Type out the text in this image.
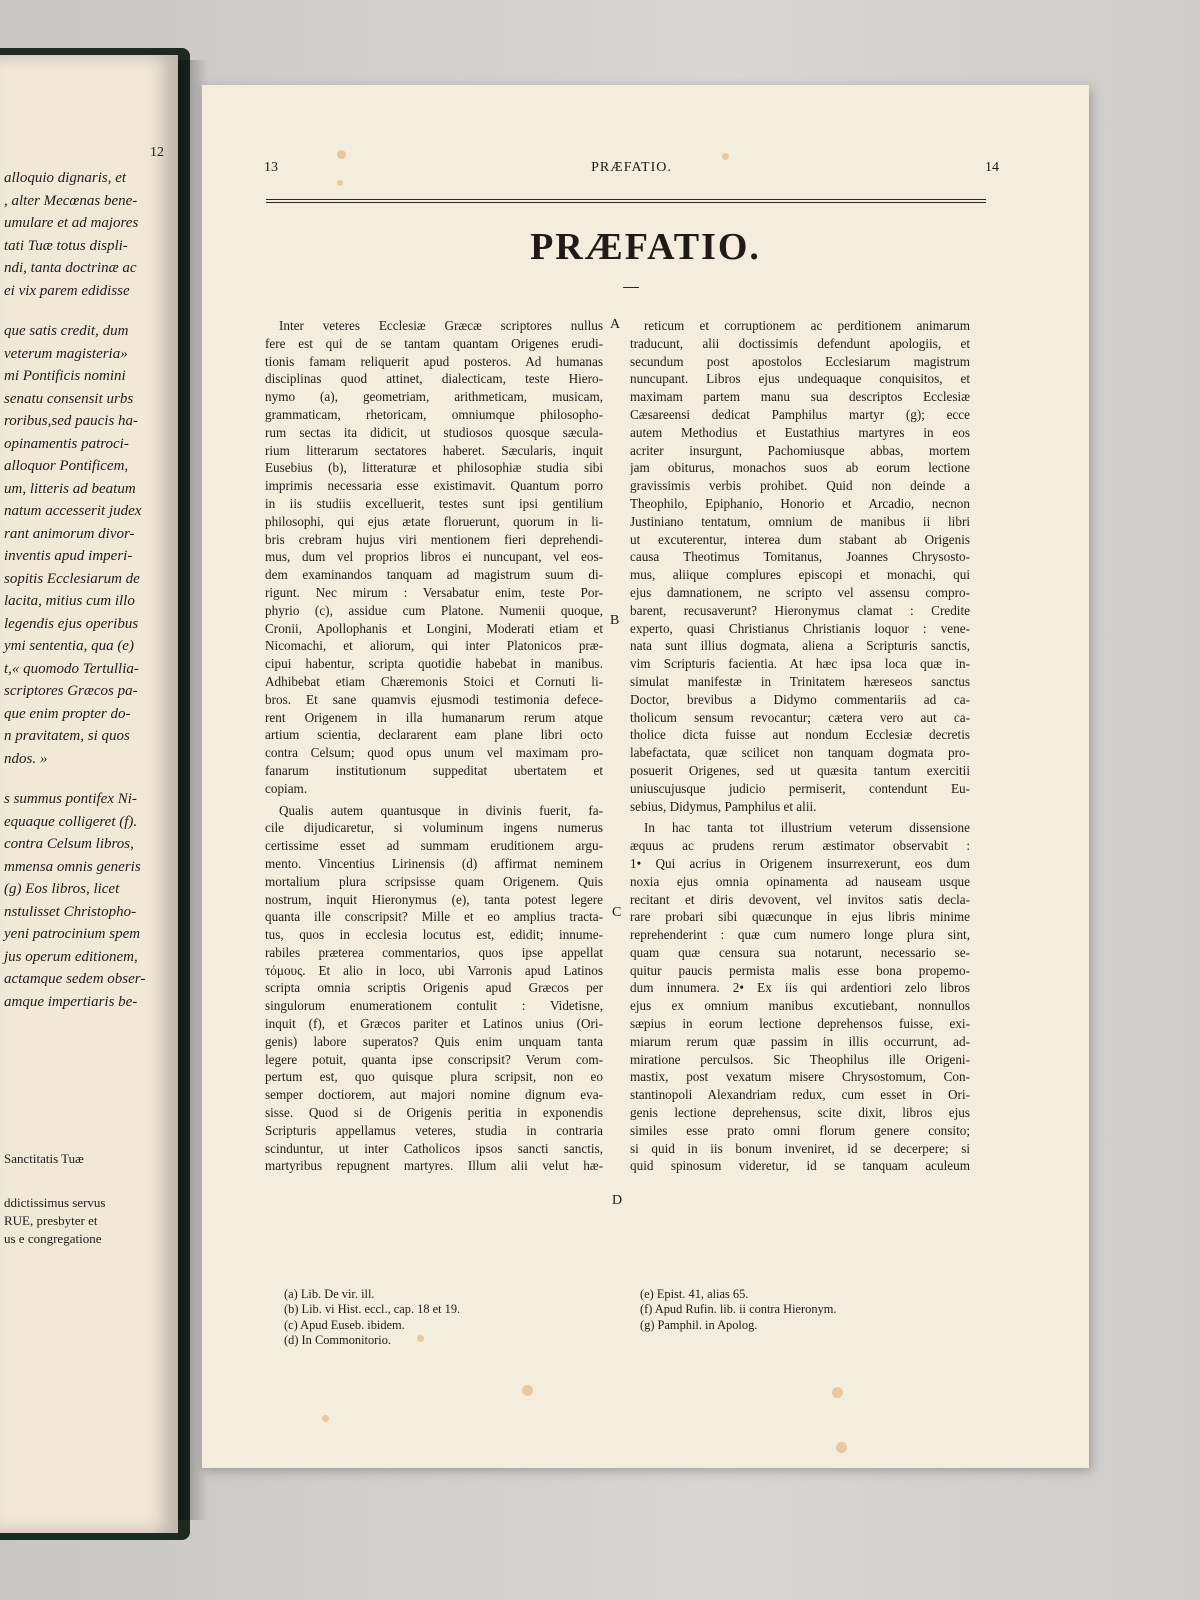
12
alloquio dignaris, et
, alter Mecœnas bene-
umulare et ad majores
tati Tuæ totus displi-
ndi, tanta doctrinæ ac
ei vix parem edidisse
que satis credit, dum
veterum magisteria»
mi Pontificis nomini
senatu consensit urbs
roribus,sed paucis ha-
opinamentis patroci-
alloquor Pontificem,
um, litteris ad beatum
natum accesserit judex
rant animorum divor-
inventis apud imperi-
sopitis Ecclesiarum de
lacita, mitius cum illo
legendis ejus operibus
ymi sententia, qua (e)
t,« quomodo Tertullia-
scriptores Græcos pa-
que enim propter do-
n pravitatem, si quos
ndos. »
s summus pontifex Ni-
equaque colligeret (f).
contra Celsum libros,
mmensa omnis generis
(g) Eos libros, licet
nstulisset Christopho-
yeni patrocinium spem
jus operum editionem,
actamque sedem obser-
amque impertiaris be-
Sanctitatis Tuæ
ddictissimus servus
RUE, presbyter et
us e congregatione
13	PRÆFATIO.	14
PRÆFATIO.

Inter veteres Ecclesiæ Græcæ scriptores nullus

fere est qui de se tantam quantam Origenes erudi-

tionis famam reliquerit apud posteros. Ad humanas

disciplinas quod attinet, dialecticam, teste Hiero-

nymo (a), geometriam, arithmeticam, musicam,

grammaticam, rhetoricam, omniumque philosopho-

rum sectas ita didicit, ut studiosos quosque sæcula-

rium litterarum sectatores haberet. Sæcularis, inquit

Eusebius (b), litteraturæ et philosophiæ studia sibi

imprimis necessaria esse existimavit. Quantum porro

in iis studiis excelluerit, testes sunt ipsi gentilium

philosophi, qui ejus ætate floruerunt, quorum in li-

bris crebram hujus viri mentionem fieri deprehendi-

mus, dum vel proprios libros ei nuncupant, vel eos-

dem examinandos tanquam ad magistrum suum di-

rigunt. Nec mirum : Versabatur enim, teste Por-

phyrio (c), assidue cum Platone. Numenii quoque,

Cronii, Apollophanis et Longini, Moderati etiam et

Nicomachi, et aliorum, qui inter Platonicos præ-

cipui habentur, scripta quotidie habebat in manibus.

Adhibebat etiam Chæremonis Stoici et Cornuti li-

bros. Et sane quamvis ejusmodi testimonia defece-

rent Origenem in illa humanarum rerum atque

artium scientia, declararent eam plane libri octo

contra Celsum; quod opus unum vel maximam pro-

fanarum institutionum suppeditat ubertatem et

copiam.

Qualis autem quantusque in divinis fuerit, fa-

cile dijudicaretur, si voluminum ingens numerus

certissime esset ad summam eruditionem argu-

mento. Vincentius Lirinensis (d) affirmat neminem

mortalium plura scripsisse quam Origenem. Quis

nostrum, inquit Hieronymus (e), tanta potest legere

quanta ille conscripsit? Mille et eo amplius tracta-

tus, quos in ecclesia locutus est, edidit; innume-

rabiles præterea commentarios, quos ipse appellat

τόμους. Et alio in loco, ubi Varronis apud Latinos

scripta omnia scriptis Origenis apud Græcos per

singulorum enumerationem contulit : Videtisne,

inquit (f), et Græcos pariter et Latinos unius (Ori-

genis) labore superatos? Quis enim unquam tanta

legere potuit, quanta ipse conscripsit? Verum com-

pertum est, quo quisque plura scripsit, non eo

semper doctiorem, aut majori nomine dignum eva-

sisse. Quod si de Origenis peritia in exponendis

Scripturis appellamus veteres, studia in contraria

scinduntur, ut inter Catholicos ipsos sancti sanctis,

martyribus repugnent martyres. Illum alii velut hæ-

reticum et corruptionem ac perditionem animarum

traducunt, alii doctissimis defendunt apologiis, et

secundum post apostolos Ecclesiarum magistrum

nuncupant. Libros ejus undequaque conquisitos, et

maximam partem manu sua descriptos Ecclesiæ

Cæsareensi dedicat Pamphilus martyr (g); ecce

autem Methodius et Eustathius martyres in eos

acriter insurgunt, Pachomiusque abbas, mortem

jam obiturus, monachos suos ab eorum lectione

gravissimis verbis prohibet. Quid non deinde a

Theophilo, Epiphanio, Honorio et Arcadio, necnon

Justiniano tentatum, omnium de manibus ii libri

ut excuterentur, interea dum stabant ab Origenis

causa Theotimus Tomitanus, Joannes Chrysosto-

mus, aliique complures episcopi et monachi, qui

ejus damnationem, ne scripto vel assensu compro-

barent, recusaverunt? Hieronymus clamat : Credite

experto, quasi Christianus Christianis loquor : vene-

nata sunt illius dogmata, aliena a Scripturis sanctis,

vim Scripturis facientia. At hæc ipsa loca quæ in-

simulat manifestæ in Trinitatem hæreseos sanctus

Doctor, brevibus a Didymo commentariis ad ca-

tholicum sensum revocantur; cætera vero aut ca-

tholice dicta fuisse aut nondum Ecclesiæ decretis

labefactata, quæ scilicet non tanquam dogmata pro-

posuerit Origenes, sed ut quæsita tantum exercitii

uniuscujusque judicio permiserit, contendunt Eu-

sebius, Didymus, Pamphilus et alii.

In hac tanta tot illustrium veterum dissensione

æquus ac prudens rerum æstimator observabit :

1• Qui acrius in Origenem insurrexerunt, eos dum

noxia ejus omnia opinamenta ad nauseam usque

recitant et diris devovent, vel invitos satis decla-

rare probari sibi quæcunque in ejus libris minime

reprehenderint : quæ cum numero longe plura sint,

quam quæ censura sua notarunt, necessario se-

quitur paucis permista malis esse bona propemo-

dum innumera. 2• Ex iis qui ardentiori zelo libros

ejus ex omnium manibus excutiebant, nonnullos

sæpius in eorum lectione deprehensos fuisse, exi-

miarum rerum quæ passim in illis occurrunt, ad-

miratione perculsos. Sic Theophilus ille Origeni-

mastix, post vexatum misere Chrysostomum, Con-

stantinopoli Alexandriam redux, cum esset in Ori-

genis lectione deprehensus, scite dixit, libros ejus

similes esse prato omni florum genere consito;

si quid in iis bonum inveniret, id se decerpere; si

quid spinosum videretur, id se tanquam aculeum

A
B
C
D
(a) Lib. De vir. ill.
(b) Lib. vi Hist. eccl., cap. 18 et 19.
(c) Apud Euseb. ibidem.
(d) In Commonitorio.
(e) Epist. 41, alias 65.
(f) Apud Rufin. lib. ii contra Hieronym.
(g) Pamphil. in Apolog.
